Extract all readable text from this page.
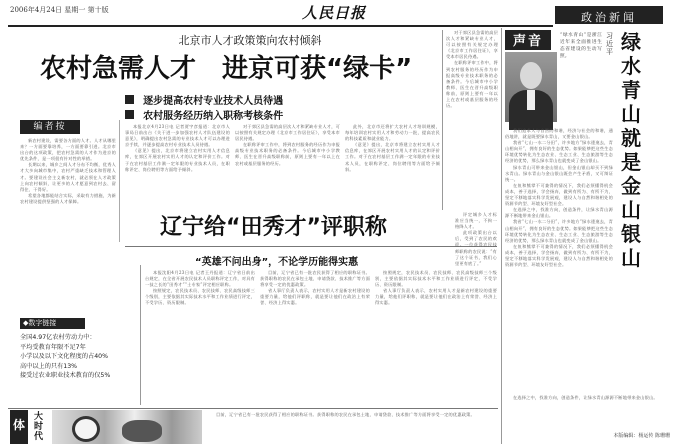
2006年4月24日 星期一 第十版	人民日报	政治新闻
北京市人才政策策向农村倾斜
农村急需人才　进京可获“绿卡”
逐步提高农村专业技术人员待遇
农村服务经历纳入职称考核条件
编者按

新农村建设，需要各方面的人才。人才从哪里来？一方面要靠培养，一方面要靠引进。北京市出台的这项政策，把农村急需的人才作为进京的优先条件，是一项很有针对性的举措。

长期以来，城乡之间人才分布不均衡，优秀人才大多向城市集中，农村严重缺乏技术和管理人才。要建设社会主义新农村，就必须在人才政策上向农村倾斜，让更多的人才愿意到农村去、留得住、干得好。

希望各地都能结合实际，采取有力措施，为新农村建设提供坚强的人才保障。

本报北京4月23日电 记者贾宇彦报道：北京市人事局日前出台《关于进一步加强农村人才队伍建设的意见》，明确提出农村急需的专业技术人才可以办理进京手续，并逐步提高农村专业技术人员待遇。

《意见》提出，北京市将建立农村实用人才信息库，在郊区开展农村实用人才的认定和评价工作。对于在农村基层工作满一定年限的专业技术人员，在职称评定、岗位聘用等方面给予倾斜。

对于郊区县急需的高层次人才和紧缺专业人才，可以按照有关规定办理《北京市工作居住证》，享受本市居民待遇。

在职称评审工作中，将到农村服务的经历作为申报高级专业技术职务的必备条件。今后城市中小学教师、医生在晋升高级职称前，原则上要有一年以上在农村或基层服务的经历。

此外，北京市还将扩大农村人才培训规模，每年培训农村实用人才和劳动力一批，提高农民的科技素质和就业能力。

《意见》提出，北京市将建立农村实用人才信息库，在郊区开展农村实用人才的认定和评价工作。对于在农村基层工作满一定年限的专业技术人员，在职称评定、岗位聘用等方面给予倾斜。

对于郊区县急需的高层次人才和紧缺专业人才，可以按照有关规定办理《北京市工作居住证》，享受本市居民待遇。

在职称评审工作中，将到农村服务的经历作为申报高级专业技术职务的必备条件。今后城市中小学教师、医生在晋升高级职称前，原则上要有一年以上在农村或基层服务的经历。

◆数字链接
全国4.97亿农村劳动力中：
平均受教育年限不足7年
小学以及以下文化程度的占40%
高中以上的只有13%
接受过农业职业技术教育的仅5%
辽宁给“田秀才”评职称
“英雄不问出身”，不论学历能得实惠

本报沈阳4月23日电 记者王丹报道：辽宁省日前出台规定，在全省开展农民技术人员职称评定工作，对具有一技之长的“田秀才”“土专家”评定相应职称。

按照规定，农民技术员、农民技师、农民高级技师三个级别，主要依据其实际技术水平和工作业绩进行评定，不受学历、资历限制。

目前，辽宁省已有一批农民获得了相应的职称证书。获得职称的农民在承包土地、申请贷款、技术推广等方面将享受一定的优惠政策。

省人事厅负责人表示，农村实用人才是新农村建设的重要力量，给他们评职称，就是要让他们在政治上有荣誉、经济上得实惠。

按照规定，农民技术员、农民技师、农民高级技师三个级别，主要依据其实际技术水平和工作业绩进行评定，不受学历、资历限制。

省人事厅负责人表示，农村实用人才是新农村建设的重要力量，给他们评职称，就是要让他们在政治上有荣誉、经济上得实惠。

评定城乡人才标准应当统一，不拘一格降人才。

此项政策出台以后，受到了农民的欢迎。一位获得农民技师职称的农民说：“有了这个证书，我们心里更有底了。”

体
大时代

目前，辽宁省已有一批农民获得了相应的职称证书。获得职称的农民在承包土地、申请贷款、技术推广等方面将享受一定的优惠政策。

声音	“绿水青山”是浙江近年来全面推进生态省建设的生动写照。
习近平 绿水青山就是金山银山

我们追求人与自然的和谐，经济与社会的和谐，通俗地讲，就是既要绿水青山，又要金山银山。

我省“七山一水二分田”，许多地方“绿水逶迤去，青山相向开”，拥有良好的生态优势。如果能够把这些生态环境优势转化为生态农业、生态工业、生态旅游等生态经济的优势，那么绿水青山也就变成了金山银山。

绿水青山可带来金山银山，但金山银山却买不到绿水青山。绿水青山与金山银山既会产生矛盾，又可辩证统一。

在鱼和熊掌不可兼得的情况下，我们必须懂得机会成本，善于选择，学会扬弃，做到有所为、有所不为，坚定不移地落实科学发展观，建设人与自然和谐相处的资源节约型、环境友好型社会。

在选择之中，找准方向，创造条件，让绿水青山源源不断地带来金山银山。

我省“七山一水二分田”，许多地方“绿水逶迤去，青山相向开”，拥有良好的生态优势。如果能够把这些生态环境优势转化为生态农业、生态工业、生态旅游等生态经济的优势，那么绿水青山也就变成了金山银山。

在鱼和熊掌不可兼得的情况下，我们必须懂得机会成本，善于选择，学会扬弃，做到有所为、有所不为，坚定不移地落实科学发展观，建设人与自然和谐相处的资源节约型、环境友好型社会。

在选择之中，找准方向，创造条件，让绿水青山源源不断地带来金山银山。

本版编辑：杨运传 陈珊珊
